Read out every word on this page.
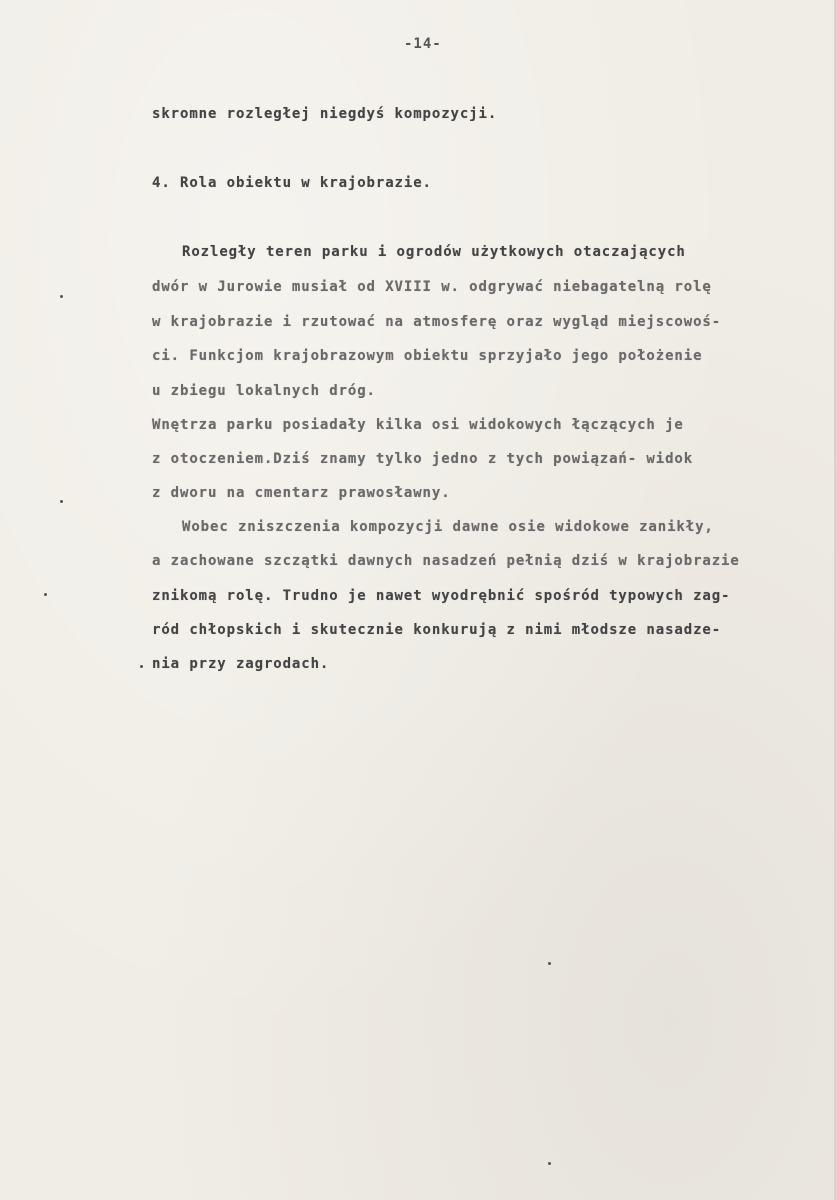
-14-
skromne rozległej niegdyś kompozycji.
4. Rola obiektu w krajobrazie.
Rozległy teren parku i ogrodów użytkowych otaczających
dwór w Jurowie musiał od XVIII w. odgrywać niebagatelną rolę
w krajobrazie i rzutować na atmosferę oraz wygląd miejscowoś-
ci. Funkcjom krajobrazowym obiektu sprzyjało jego położenie
u zbiegu lokalnych dróg.
Wnętrza parku posiadały kilka osi widokowych łączących je
z otoczeniem.Dziś znamy tylko jedno z tych powiązań- widok
z dworu na cmentarz prawosławny.
Wobec zniszczenia kompozycji dawne osie widokowe zanikły,
a zachowane szczątki dawnych nasadzeń pełnią dziś w krajobrazie
znikomą rolę. Trudno je nawet wyodrębnić spośród typowych zag-
ród chłopskich i skutecznie konkurują z nimi młodsze nasadze-
nia przy zagrodach.
